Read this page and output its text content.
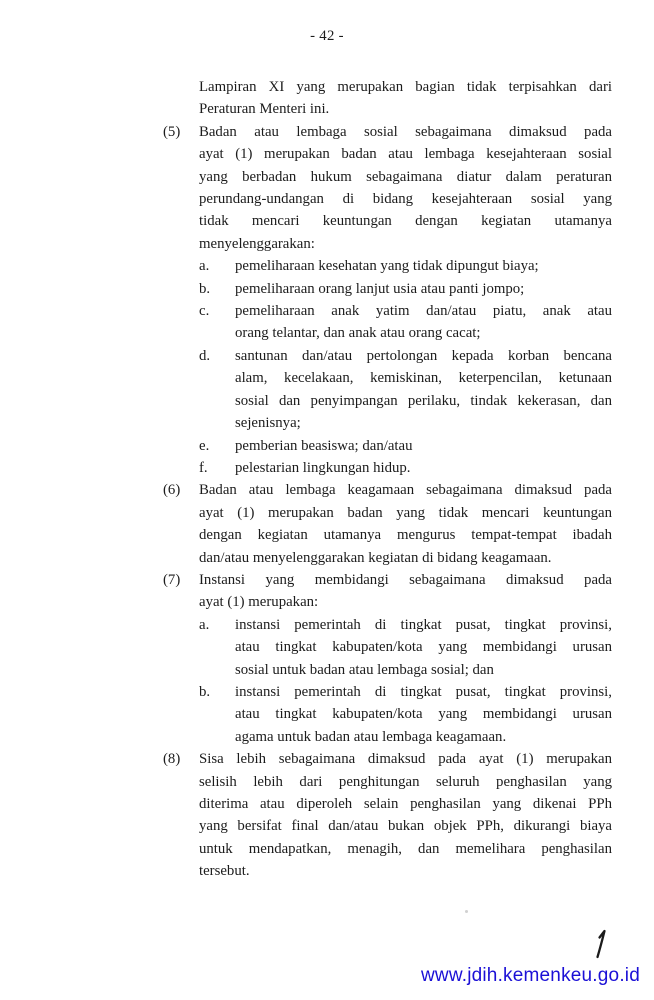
- 42 -
Lampiran XI yang merupakan bagian tidak terpisahkan dari
Peraturan Menteri ini.
(5)	Badan atau lembaga sosial sebagaimana dimaksud pada
ayat (1) merupakan badan atau lembaga kesejahteraan sosial
yang berbadan hukum sebagaimana diatur dalam peraturan
perundang-undangan di bidang kesejahteraan sosial yang
tidak mencari keuntungan dengan kegiatan utamanya
menyelenggarakan:
a.	pemeliharaan kesehatan yang tidak dipungut biaya;
b.	pemeliharaan orang lanjut usia atau panti jompo;
c.	pemeliharaan anak yatim dan/atau piatu, anak atau
orang telantar, dan anak atau orang cacat;
d.	santunan dan/atau pertolongan kepada korban bencana
alam, kecelakaan, kemiskinan, keterpencilan, ketunaan
sosial dan penyimpangan perilaku, tindak kekerasan, dan
sejenisnya;
e.	pemberian beasiswa; dan/atau
f.	pelestarian lingkungan hidup.
(6)	Badan atau lembaga keagamaan sebagaimana dimaksud pada
ayat (1) merupakan badan yang tidak mencari keuntungan
dengan kegiatan utamanya mengurus tempat-tempat ibadah
dan/atau menyelenggarakan kegiatan di bidang keagamaan.
(7)	Instansi yang membidangi sebagaimana dimaksud pada
ayat (1) merupakan:
a.	instansi pemerintah di tingkat pusat, tingkat provinsi,
atau tingkat kabupaten/kota yang membidangi urusan
sosial untuk badan atau lembaga sosial; dan
b.	instansi pemerintah di tingkat pusat, tingkat provinsi,
atau tingkat kabupaten/kota yang membidangi urusan
agama untuk badan atau lembaga keagamaan.
(8)	Sisa lebih sebagaimana dimaksud pada ayat (1) merupakan
selisih lebih dari penghitungan seluruh penghasilan yang
diterima atau diperoleh selain penghasilan yang dikenai PPh
yang bersifat final dan/atau bukan objek PPh, dikurangi biaya
untuk mendapatkan, menagih, dan memelihara penghasilan
tersebut.
www.jdih.kemenkeu.go.id
